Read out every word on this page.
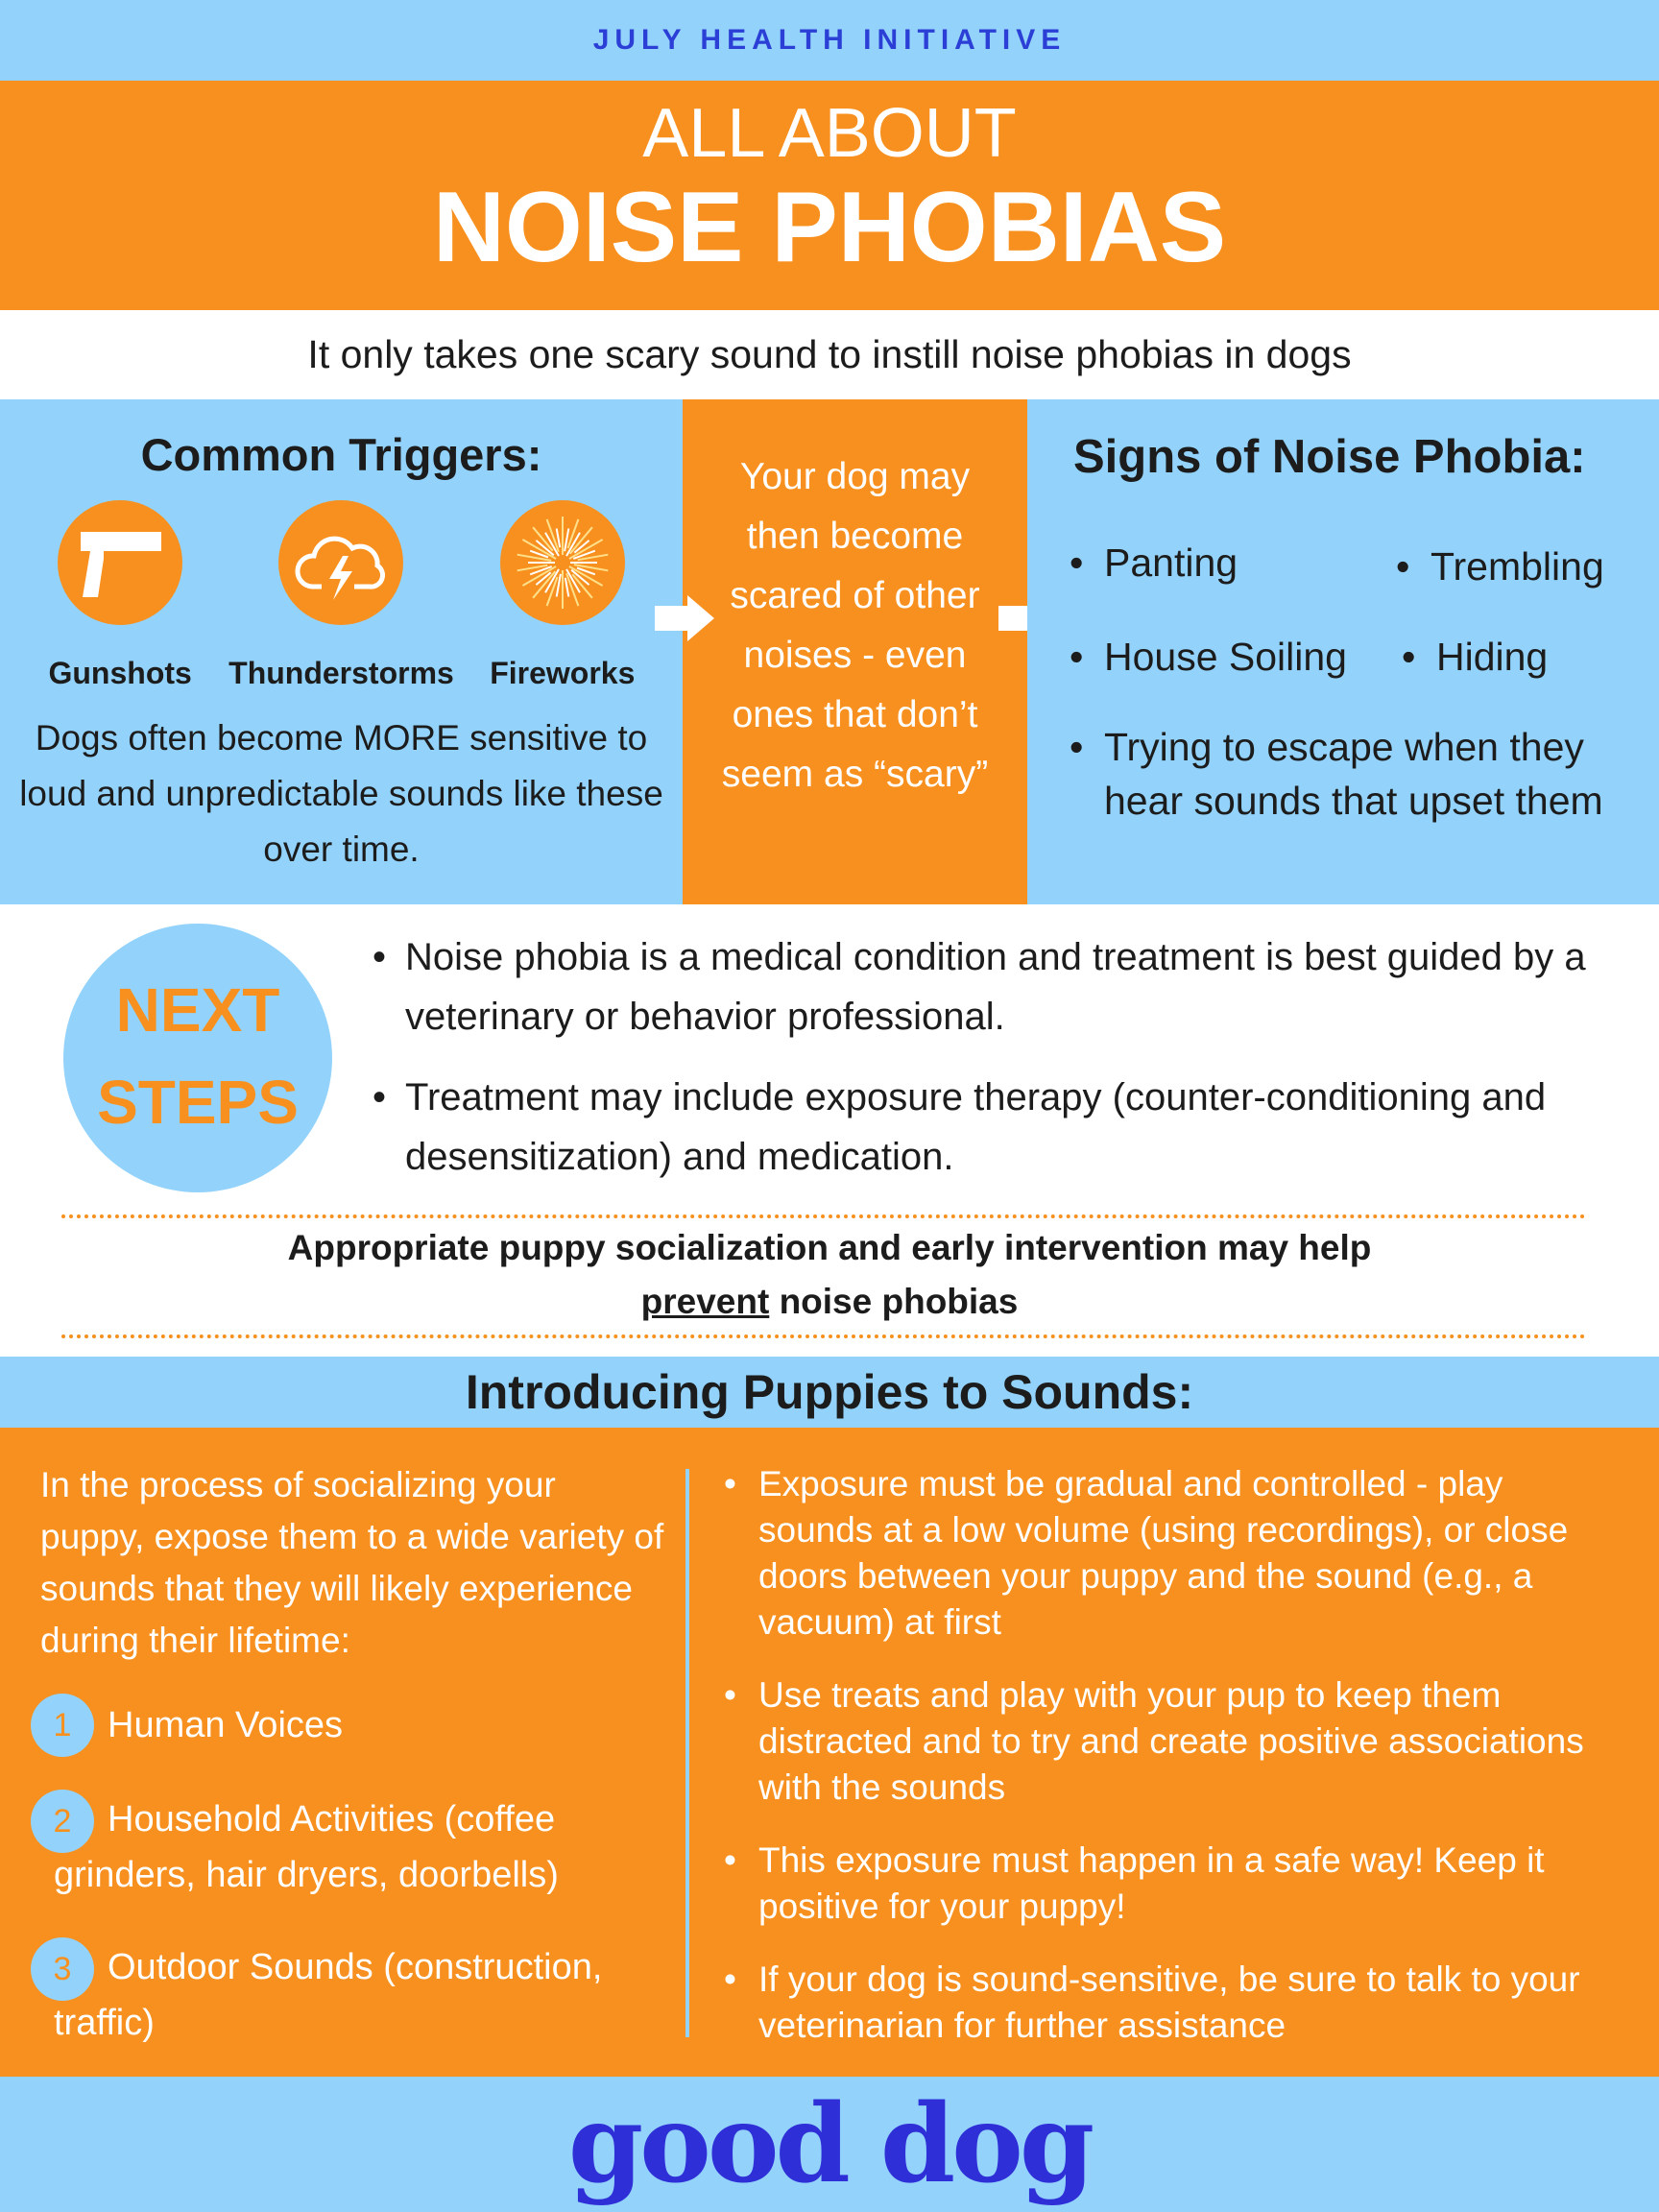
JULY HEALTH INITIATIVE
ALL ABOUT
NOISE PHOBIAS
It only takes one scary sound to instill noise phobias in dogs
Common Triggers:
Gunshots Thunderstorms Fireworks

Dogs often become MORE sensitive to loud and unpredictable sounds like these over time.

Your dog may then become scared of other noises - even ones that don’t seem as “scary”
Signs of Noise Phobia:
• Panting	• Trembling
• House Soiling • Hiding
• Trying to escape when they hear sounds that upset them
NEXT
STEPS
• Noise phobia is a medical condition and treatment is best guided by a veterinary or behavior professional.
• Treatment may include exposure therapy (counter-conditioning and desensitization) and medication.
Appropriate puppy socialization and early intervention may help prevent noise phobias
Introducing Puppies to Sounds:
In the process of socializing your puppy, expose them to a wide variety of sounds that they will likely experience during their lifetime:
1 Human Voices
2 Household Activities (coffee grinders, hair dryers, doorbells)
3 Outdoor Sounds (construction, traffic)
• Exposure must be gradual and controlled - play sounds at a low volume (using recordings), or close doors between your puppy and the sound (e.g., a vacuum) at first
• Use treats and play with your pup to keep them distracted and to try and create positive associations with the sounds
• This exposure must happen in a safe way! Keep it positive for your puppy!
• If your dog is sound-sensitive, be sure to talk to your veterinarian for further assistance
good dog
